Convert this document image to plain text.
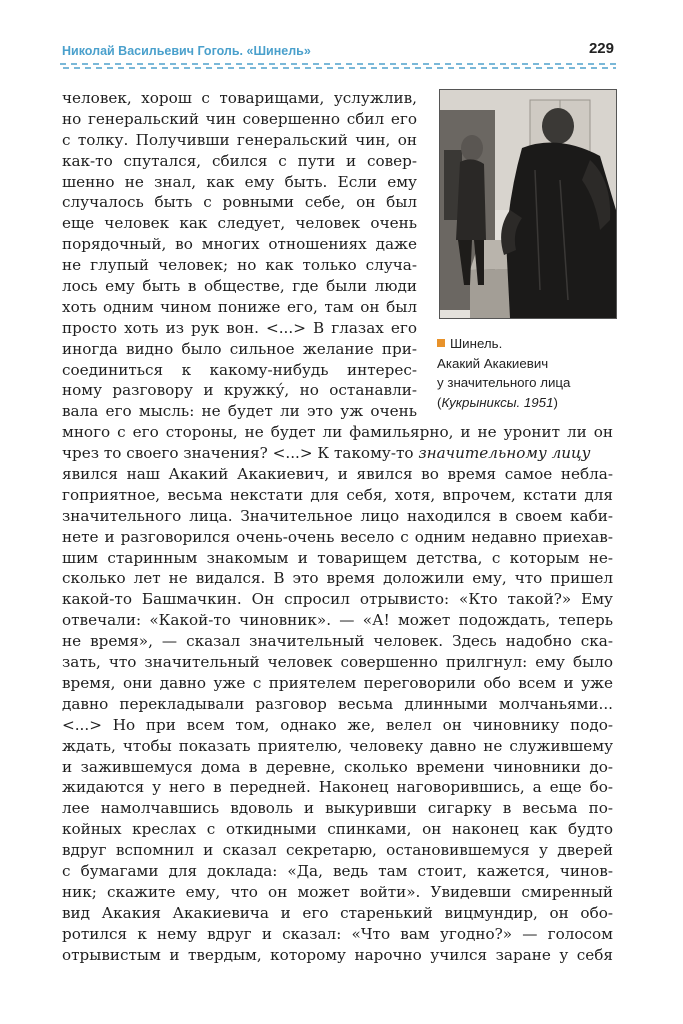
Николай Васильевич Гоголь. «Шинель»	229
Шинель.
Акакий Акакиевич
у значительного лица
(Кукрыниксы. 1951)
человек, хорош с товарищами, услужлив,
но генеральский чин совершенно сбил его
с толку. Получивши генеральский чин, он
как-то спутался, сбился с пути и совер-
шенно не знал, как ему быть. Если ему
случалось быть с ровными себе, он был
еще человек как следует, человек очень
порядочный, во многих отношениях даже
не глупый человек; но как только случа-
лось ему быть в обществе, где были люди
хоть одним чином пониже его, там он был
просто хоть из рук вон. <...> В глазах его
иногда видно было сильное желание при-
соединиться к какому-нибудь интерес-
ному разговору и кружку́, но останавли-
вала его мысль: не будет ли это уж очень
много с его стороны, не будет ли фамильярно, и не уронит ли он
чрез то своего значения? <...> К такому-то значительному лицу
явился наш Акакий Акакиевич, и явился во время самое небла-
гоприятное, весьма некстати для себя, хотя, впрочем, кстати для
значительного лица. Значительное лицо находился в своем каби-
нете и разговорился очень-очень весело с одним недавно приехав-
шим старинным знакомым и товарищем детства, с которым не-
сколько лет не видался. В это время доложили ему, что пришел
какой-то Башмачкин. Он спросил отрывисто: «Кто такой?» Ему
отвечали: «Какой-то чиновник». — «А! может подождать, теперь
не время», — сказал значительный человек. Здесь надобно ска-
зать, что значительный человек совершенно прилгнул: ему было
время, они давно уже с приятелем переговорили обо всем и уже
давно перекладывали разговор весьма длинными молчаньями...
<...> Но при всем том, однако же, велел он чиновнику подо-
ждать, чтобы показать приятелю, человеку давно не служившему
и зажившемуся дома в деревне, сколько времени чиновники до-
жидаются у него в передней. Наконец наговорившись, а еще бо-
лее намолчавшись вдоволь и выкуривши сигарку в весьма по-
койных креслах с откидными спинками, он наконец как будто
вдруг вспомнил и сказал секретарю, остановившемуся у дверей
с бумагами для доклада: «Да, ведь там стоит, кажется, чинов-
ник; скажите ему, что он может войти». Увидевши смиренный
вид Акакия Акакиевича и его старенький вицмундир, он обо-
ротился к нему вдруг и сказал: «Что вам угодно?» — голосом
отрывистым и твердым, которому нарочно учился заране у себя
